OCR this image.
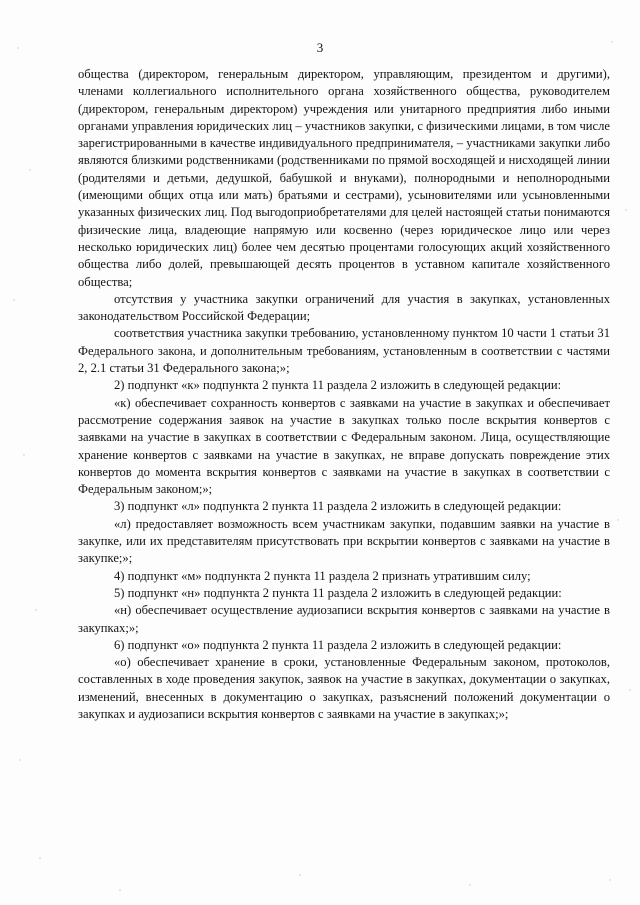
3

общества (директором, генеральным директором, управляющим, президентом и другими), членами коллегиального исполнительного органа хозяйственного общества, руководителем (директором, генеральным директором) учреждения или унитарного предприятия либо иными органами управления юридических лиц – участников закупки, с физическими лицами, в том числе зарегистрированными в качестве индивидуального предпринимателя, – участниками закупки либо являются близкими родственниками (родственниками по прямой восходящей и нисходящей линии (родителями и детьми, дедушкой, бабушкой и внуками), полнородными и неполнородными (имеющими общих отца или мать) братьями и сестрами), усыновителями или усыновленными указанных физических лиц. Под выгодоприобретателями для целей настоящей статьи понимаются физические лица, владеющие напрямую или косвенно (через юридическое лицо или через несколько юридических лиц) более чем десятью процентами голосующих акций хозяйственного общества либо долей, превышающей десять процентов в уставном капитале хозяйственного общества;

отсутствия у участника закупки ограничений для участия в закупках, установленных законодательством Российской Федерации;

соответствия участника закупки требованию, установленному пунктом 10 части 1 статьи 31 Федерального закона, и дополнительным требованиям, установленным в соответствии с частями 2, 2.1 статьи 31 Федерального закона;»;

2) подпункт «к» подпункта 2 пункта 11 раздела 2 изложить в следующей редакции:

«к) обеспечивает сохранность конвертов с заявками на участие в закупках и обеспечивает рассмотрение содержания заявок на участие в закупках только после вскрытия конвертов с заявками на участие в закупках в соответствии с Федеральным законом. Лица, осуществляющие хранение конвертов с заявками на участие в закупках, не вправе допускать повреждение этих конвертов до момента вскрытия конвертов с заявками на участие в закупках в соответствии с Федеральным законом;»;

3) подпункт «л» подпункта 2 пункта 11 раздела 2 изложить в следующей редакции:

«л) предоставляет возможность всем участникам закупки, подавшим заявки на участие в закупке, или их представителям присутствовать при вскрытии конвертов с заявками на участие в закупке;»;

4) подпункт «м» подпункта 2 пункта 11 раздела 2 признать утратившим силу;

5) подпункт «н» подпункта 2 пункта 11 раздела 2 изложить в следующей редакции:

«н) обеспечивает осуществление аудиозаписи вскрытия конвертов с заявками на участие в закупках;»;

6) подпункт «о» подпункта 2 пункта 11 раздела 2 изложить в следующей редакции:

«о) обеспечивает хранение в сроки, установленные Федеральным законом, протоколов, составленных в ходе проведения закупок, заявок на участие в закупках, документации о закупках, изменений, внесенных в документацию о закупках, разъяснений положений документации о закупках и аудиозаписи вскрытия конвертов с заявками на участие в закупках;»;
